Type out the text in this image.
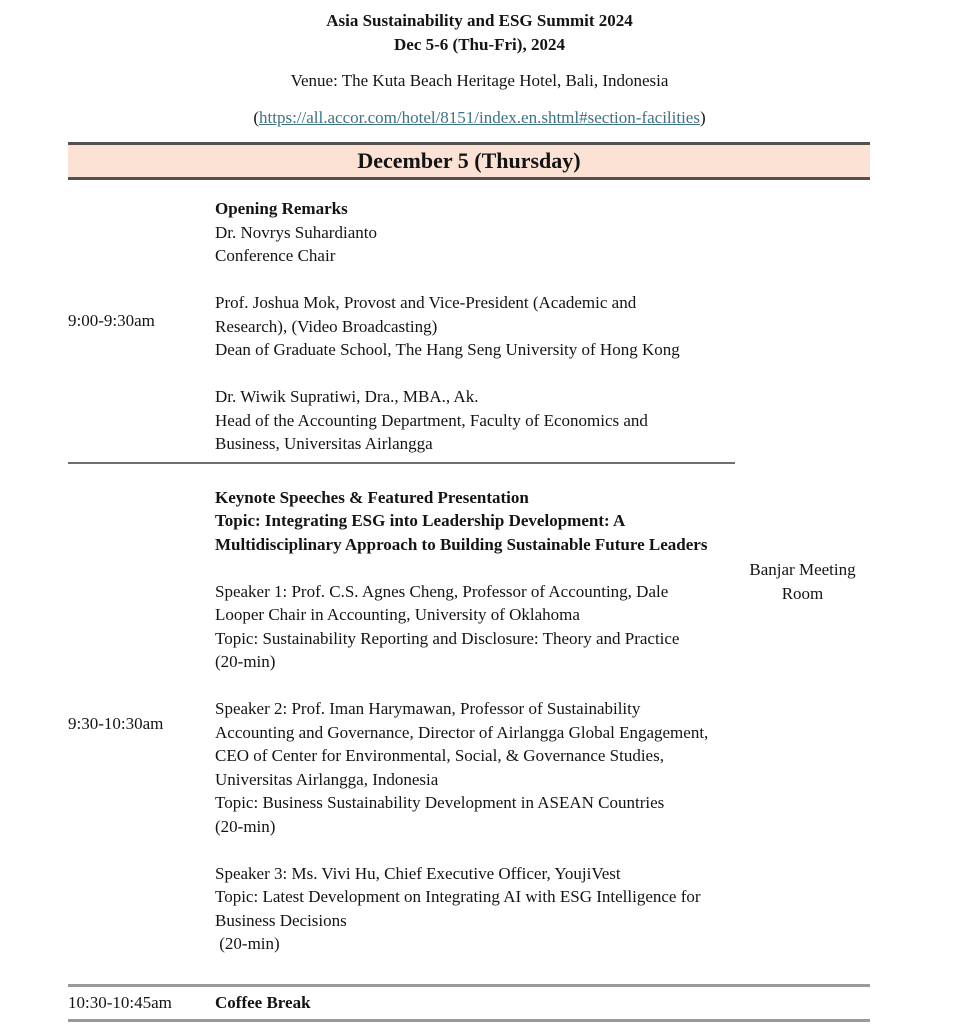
Asia Sustainability and ESG Summit 2024
Dec 5-6 (Thu-Fri), 2024
Venue: The Kuta Beach Heritage Hotel, Bali, Indonesia
(https://all.accor.com/hotel/8151/index.en.shtml#section-facilities)
December 5 (Thursday)
9:00-9:30am
Opening Remarks
Dr. Novrys Suhardianto
Conference Chair
Prof. Joshua Mok, Provost and Vice-President (Academic and
Research), (Video Broadcasting)
Dean of Graduate School, The Hang Seng University of Hong Kong
Dr. Wiwik Supratiwi, Dra., MBA., Ak.
Head of the Accounting Department, Faculty of Economics and
Business, Universitas Airlangga
Banjar Meeting Room
9:30-10:30am
Keynote Speeches & Featured Presentation
Topic: Integrating ESG into Leadership Development: A
Multidisciplinary Approach to Building Sustainable Future Leaders
Speaker 1: Prof. C.S. Agnes Cheng, Professor of Accounting, Dale
Looper Chair in Accounting, University of Oklahoma
Topic: Sustainability Reporting and Disclosure: Theory and Practice
(20-min)
Speaker 2: Prof. Iman Harymawan, Professor of Sustainability
Accounting and Governance, Director of Airlangga Global Engagement,
CEO of Center for Environmental, Social, & Governance Studies,
Universitas Airlangga, Indonesia
Topic: Business Sustainability Development in ASEAN Countries
(20-min)
Speaker 3: Ms. Vivi Hu, Chief Executive Officer, YoujiVest
Topic: Latest Development on Integrating AI with ESG Intelligence for
Business Decisions
(20-min)
10:30-10:45am	Coffee Break
